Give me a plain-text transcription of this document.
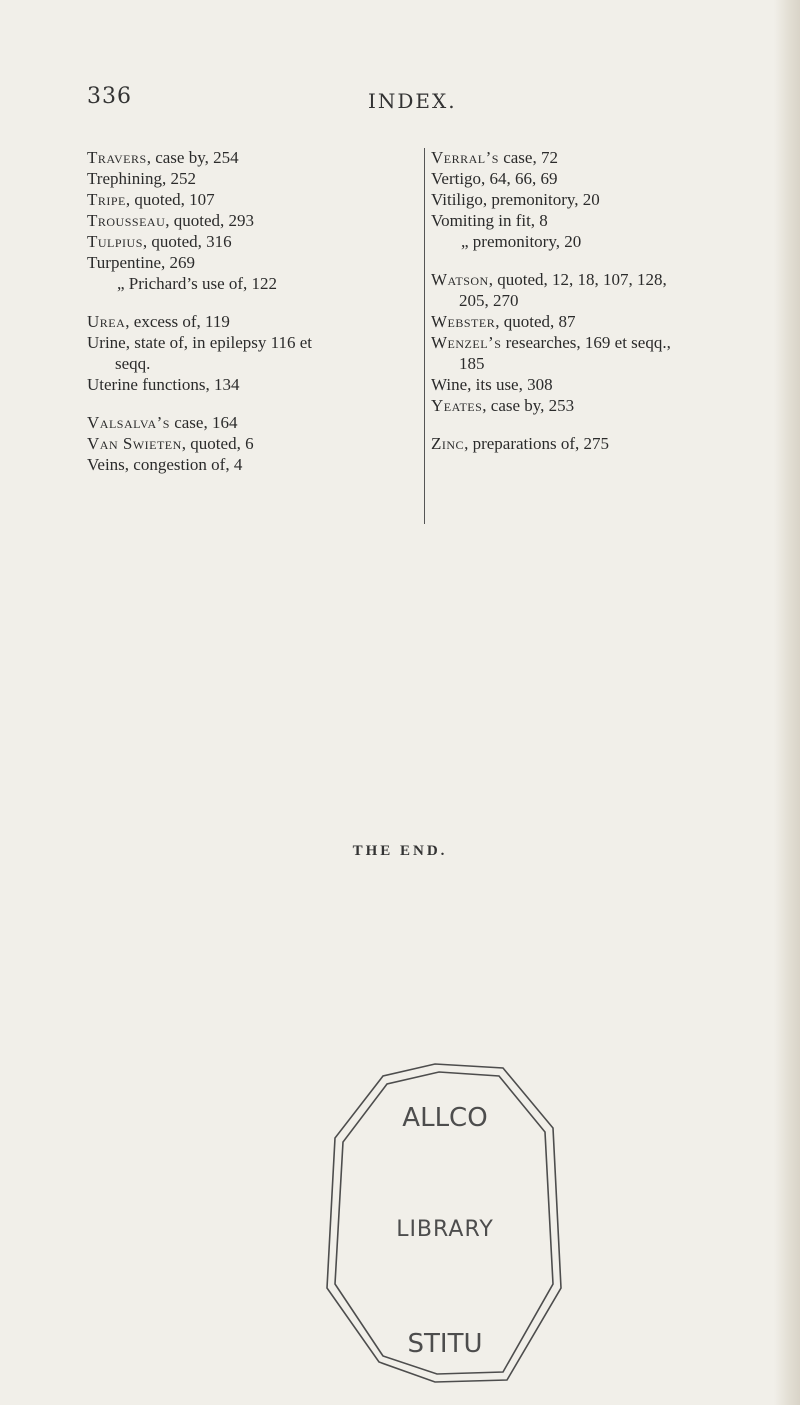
336	INDEX.

Travers, case by, 254

Trephining, 252

Tripe, quoted, 107

Trousseau, quoted, 293

Tulpius, quoted, 316

Turpentine, 269

„ Prichard’s use of, 122

Urea, excess of, 119

Urine, state of, in epilepsy 116 et

seqq.

Uterine functions, 134

Valsalva’s case, 164

Van Swieten, quoted, 6

Veins, congestion of, 4

Verral’s case, 72

Vertigo, 64, 66, 69

Vitiligo, premonitory, 20

Vomiting in fit, 8

„ premonitory, 20

Watson, quoted, 12, 18, 107, 128,

205, 270

Webster, quoted, 87

Wenzel’s researches, 169 et seqq.,

185

Wine, its use, 308

Yeates, case by, 253

Zinc, preparations of, 275

THE END.
ALLCO
LIBRARY
STITU
